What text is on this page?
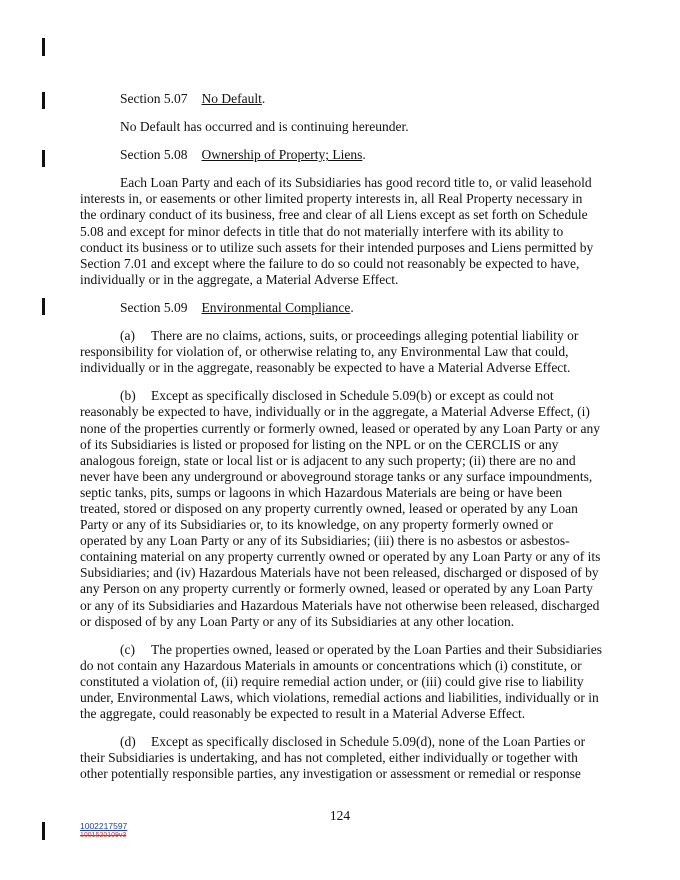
Section 5.07 No Default.

No Default has occurred and is continuing hereunder.

Section 5.08 Ownership of Property; Liens.

Each Loan Party and each of its Subsidiaries has good record title to, or valid leasehold interests in, or easements or other limited property interests in, all Real Property necessary in the ordinary conduct of its business, free and clear of all Liens except as set forth on Schedule 5.08 and except for minor defects in title that do not materially interfere with its ability to conduct its business or to utilize such assets for their intended purposes and Liens permitted by Section 7.01 and except where the failure to do so could not reasonably be expected to have, individually or in the aggregate, a Material Adverse Effect.

Section 5.09 Environmental Compliance.

(a) There are no claims, actions, suits, or proceedings alleging potential liability or responsibility for violation of, or otherwise relating to, any Environmental Law that could, individually or in the aggregate, reasonably be expected to have a Material Adverse Effect.

(b) Except as specifically disclosed in Schedule 5.09(b) or except as could not reasonably be expected to have, individually or in the aggregate, a Material Adverse Effect, (i) none of the properties currently or formerly owned, leased or operated by any Loan Party or any of its Subsidiaries is listed or proposed for listing on the NPL or on the CERCLIS or any analogous foreign, state or local list or is adjacent to any such property; (ii) there are no and never have been any underground or aboveground storage tanks or any surface impoundments, septic tanks, pits, sumps or lagoons in which Hazardous Materials are being or have been treated, stored or disposed on any property currently owned, leased or operated by any Loan Party or any of its Subsidiaries or, to its knowledge, on any property formerly owned or operated by any Loan Party or any of its Subsidiaries; (iii) there is no asbestos or asbestos-containing material on any property currently owned or operated by any Loan Party or any of its Subsidiaries; and (iv) Hazardous Materials have not been released, discharged or disposed of by any Person on any property currently or formerly owned, leased or operated by any Loan Party or any of its Subsidiaries and Hazardous Materials have not otherwise been released, discharged or disposed of by any Loan Party or any of its Subsidiaries at any other location.

(c) The properties owned, leased or operated by the Loan Parties and their Subsidiaries do not contain any Hazardous Materials in amounts or concentrations which (i) constitute, or constituted a violation of, (ii) require remedial action under, or (iii) could give rise to liability under, Environmental Laws, which violations, remedial actions and liabilities, individually or in the aggregate, could reasonably be expected to result in a Material Adverse Effect.

(d) Except as specifically disclosed in Schedule 5.09(d), none of the Loan Parties or their Subsidiaries is undertaking, and has not completed, either individually or together with other potentially responsible parties, any investigation or assessment or remedial or response

124
1002217597
1001520109v3
